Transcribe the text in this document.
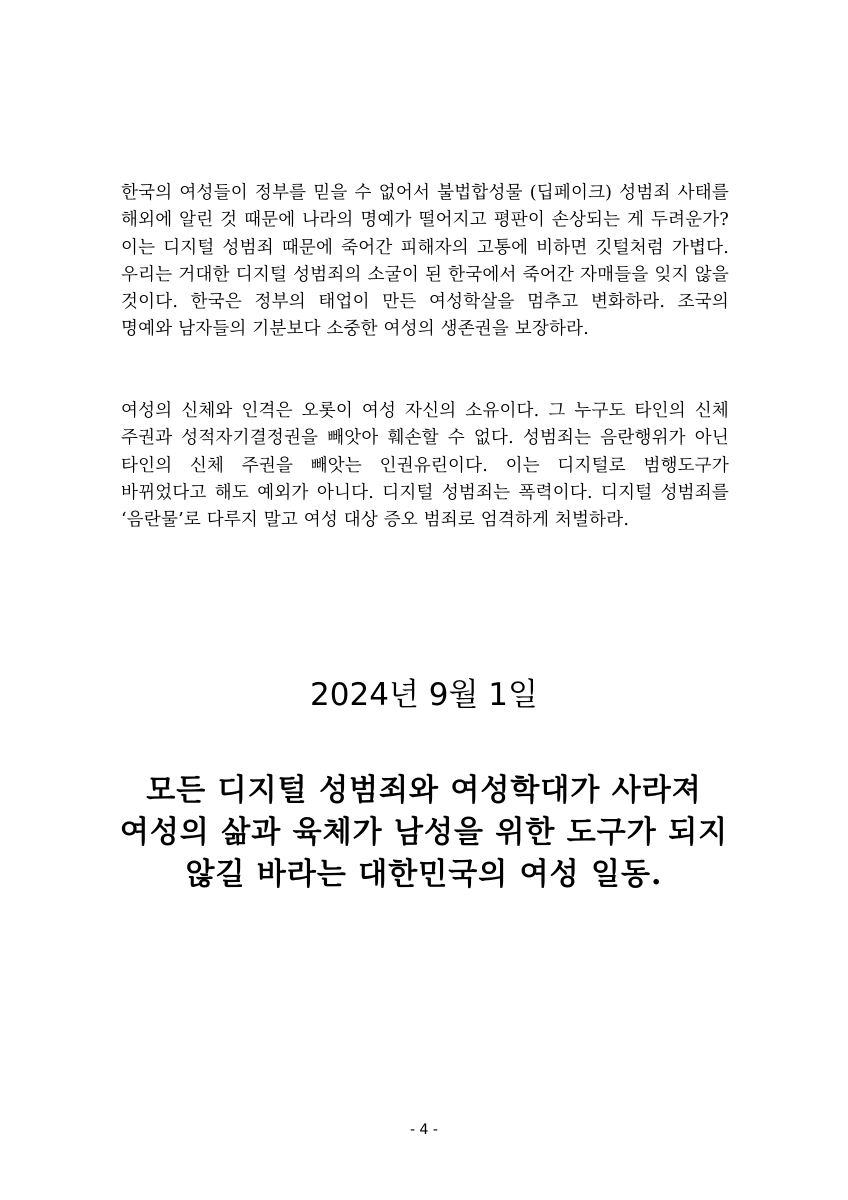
한국의 여성들이 정부를 믿을 수 없어서 불법합성물 (딥페이크) 성범죄 사태를 해외에 알린 것 때문에 나라의 명예가 떨어지고 평판이 손상되는 게 두려운가? 이는 디지털 성범죄 때문에 죽어간 피해자의 고통에 비하면 깃털처럼 가볍다. 우리는 거대한 디지털 성범죄의 소굴이 된 한국에서 죽어간 자매들을 잊지 않을 것이다. 한국은 정부의 태업이 만든 여성학살을 멈추고 변화하라. 조국의 명예와 남자들의 기분보다 소중한 여성의 생존권을 보장하라.

여성의 신체와 인격은 오롯이 여성 자신의 소유이다. 그 누구도 타인의 신체 주권과 성적자기결정권을 빼앗아 훼손할 수 없다. 성범죄는 음란행위가 아닌 타인의 신체 주권을 빼앗는 인권유린이다. 이는 디지털로 범행도구가 바뀌었다고 해도 예외가 아니다. 디지털 성범죄는 폭력이다. 디지털 성범죄를 ‘음란물’로 다루지 말고 여성 대상 증오 범죄로 엄격하게 처벌하라.

2024년 9월 1일
모든 디지털 성범죄와 여성학대가 사라져
여성의 삶과 육체가 남성을 위한 도구가 되지
않길 바라는 대한민국의 여성 일동.
- 4 -
